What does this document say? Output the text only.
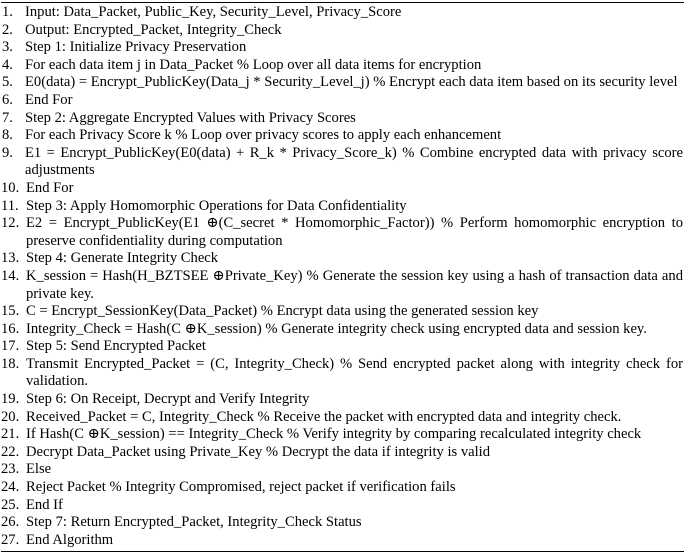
1. Input: Data_Packet, Public_Key, Security_Level, Privacy_Score
2. Output: Encrypted_Packet, Integrity_Check
3. Step 1: Initialize Privacy Preservation
4. For each data item j in Data_Packet % Loop over all data items for encryption
5. E0(data) = Encrypt_PublicKey(Data_j * Security_Level_j) % Encrypt each data item based on its security level
6. End For
7. Step 2: Aggregate Encrypted Values with Privacy Scores
8. For each Privacy Score k % Loop over privacy scores to apply each enhancement
9. E1 = Encrypt_PublicKey(E0(data) + R_k * Privacy_Score_k) % Combine encrypted data with privacy score adjustments
10. End For
11. Step 3: Apply Homomorphic Operations for Data Confidentiality
12. E2 = Encrypt_PublicKey(E1 ⊕(C_secret * Homomorphic_Factor)) % Perform homomorphic encryption to preserve confidentiality during computation
13. Step 4: Generate Integrity Check
14. K_session = Hash(H_BZTSEE ⊕Private_Key) % Generate the session key using a hash of transaction data and private key.
15. C = Encrypt_SessionKey(Data_Packet) % Encrypt data using the generated session key
16. Integrity_Check = Hash(C ⊕K_session) % Generate integrity check using encrypted data and session key.
17. Step 5: Send Encrypted Packet
18. Transmit Encrypted_Packet = (C, Integrity_Check) % Send encrypted packet along with integrity check for validation.
19. Step 6: On Receipt, Decrypt and Verify Integrity
20. Received_Packet = C, Integrity_Check % Receive the packet with encrypted data and integrity check.
21. If Hash(C ⊕K_session) == Integrity_Check % Verify integrity by comparing recalculated integrity check
22. Decrypt Data_Packet using Private_Key % Decrypt the data if integrity is valid
23. Else
24. Reject Packet % Integrity Compromised, reject packet if verification fails
25. End If
26. Step 7: Return Encrypted_Packet, Integrity_Check Status
27. End Algorithm
